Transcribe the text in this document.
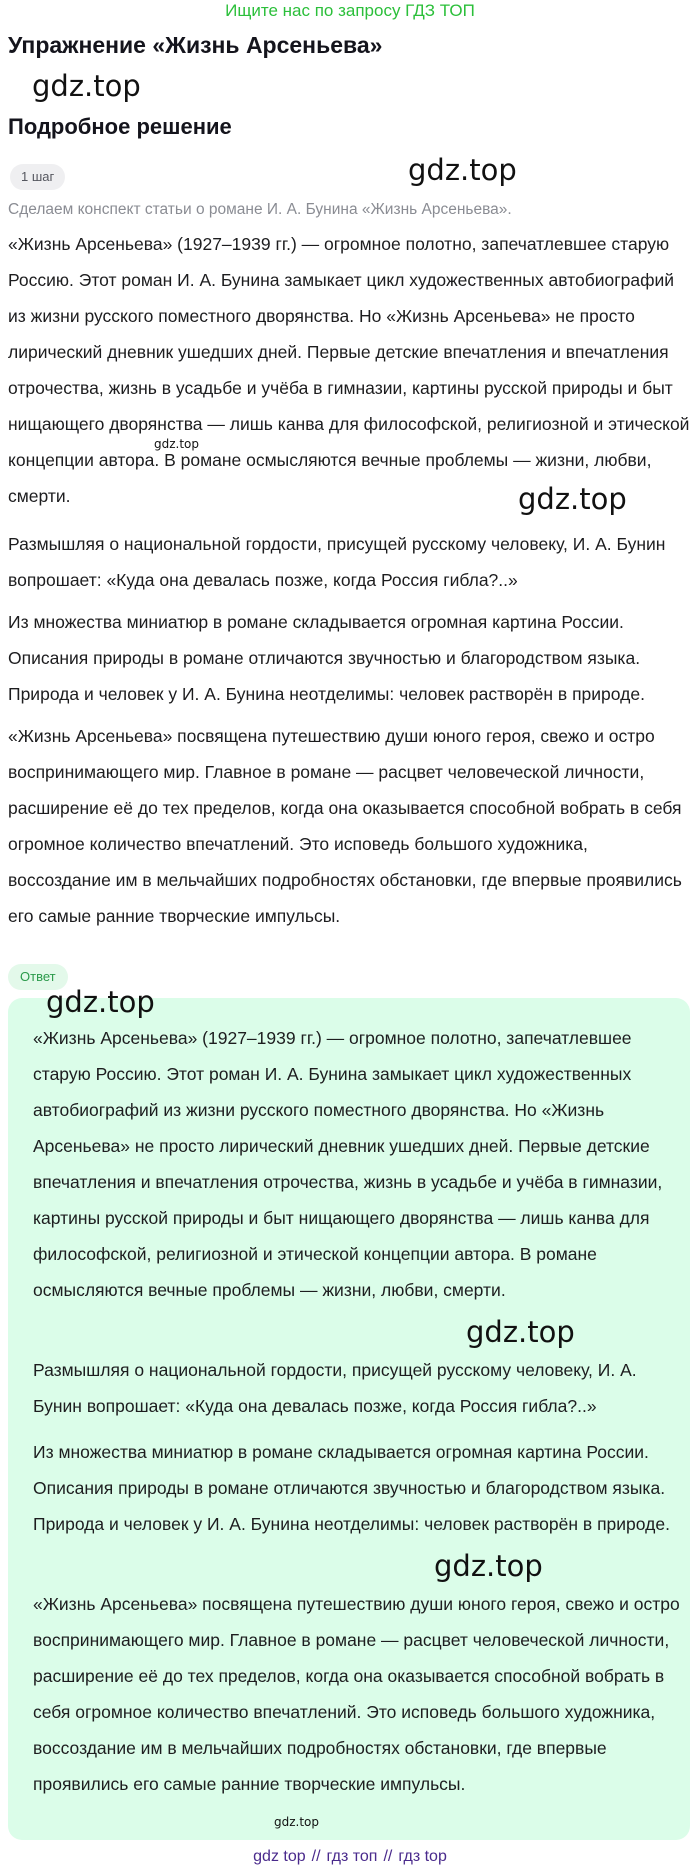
Ищите нас по запросу ГДЗ ТОП
Упражнение «Жизнь Арсеньева»
gdz.top
Подробное решение
1 шаг	gdz.top
Сделаем конспект статьи о романе И. А. Бунина «Жизнь Арсеньева».

«Жизнь Арсеньева» (1927–1939 гг.) — огромное полотно, запечатлевшее старую Россию. Этот роман И. А. Бунина замыкает цикл художественных автобиографий из жизни русского поместного дворянства. Но «Жизнь Арсеньева» не просто лирический дневник ушедших дней. Первые детские впечатления и впечатления отрочества, жизнь в усадьбе и учёба в гимназии, картины русской природы и быт нищающего дворянства — лишь канва для философской, религиозной и этической концепции автора. В романе осмысляются вечные проблемы — жизни, любви, смерти.

gdz.top
gdz.top

Размышляя о национальной гордости, присущей русскому человеку, И. А. Бунин вопрошает: «Куда она девалась позже, когда Россия гибла?..»

Из множества миниатюр в романе складывается огромная картина России. Описания природы в романе отличаются звучностью и благородством языка. Природа и человек у И. А. Бунина неотделимы: человек растворён в природе.

«Жизнь Арсеньева» посвящена путешествию души юного героя, свежо и остро воспринимающего мир. Главное в романе — расцвет человеческой личности, расширение её до тех пределов, когда она оказывается способной вобрать в себя огромное количество впечатлений. Это исповедь большого художника, воссоздание им в мельчайших подробностях обстановки, где впервые проявились его самые ранние творческие импульсы.

Ответ
gdz.top

«Жизнь Арсеньева» (1927–1939 гг.) — огромное полотно, запечатлевшее старую Россию. Этот роман И. А. Бунина замыкает цикл художественных автобиографий из жизни русского поместного дворянства. Но «Жизнь Арсеньева» не просто лирический дневник ушедших дней. Первые детские впечатления и впечатления отрочества, жизнь в усадьбе и учёба в гимназии, картины русской природы и быт нищающего дворянства — лишь канва для философской, религиозной и этической концепции автора. В романе осмысляются вечные проблемы — жизни, любви, смерти.

gdz.top

Размышляя о национальной гордости, присущей русскому человеку, И. А. Бунин вопрошает: «Куда она девалась позже, когда Россия гибла?..»

Из множества миниатюр в романе складывается огромная картина России. Описания природы в романе отличаются звучностью и благородством языка. Природа и человек у И. А. Бунина неотделимы: человек растворён в природе.

gdz.top

«Жизнь Арсеньева» посвящена путешествию души юного героя, свежо и остро воспринимающего мир. Главное в романе — расцвет человеческой личности, расширение её до тех пределов, когда она оказывается способной вобрать в себя огромное количество впечатлений. Это исповедь большого художника, воссоздание им в мельчайших подробностях обстановки, где впервые проявились его самые ранние творческие импульсы.

gdz.top
gdz top // гдз топ // гдз top
